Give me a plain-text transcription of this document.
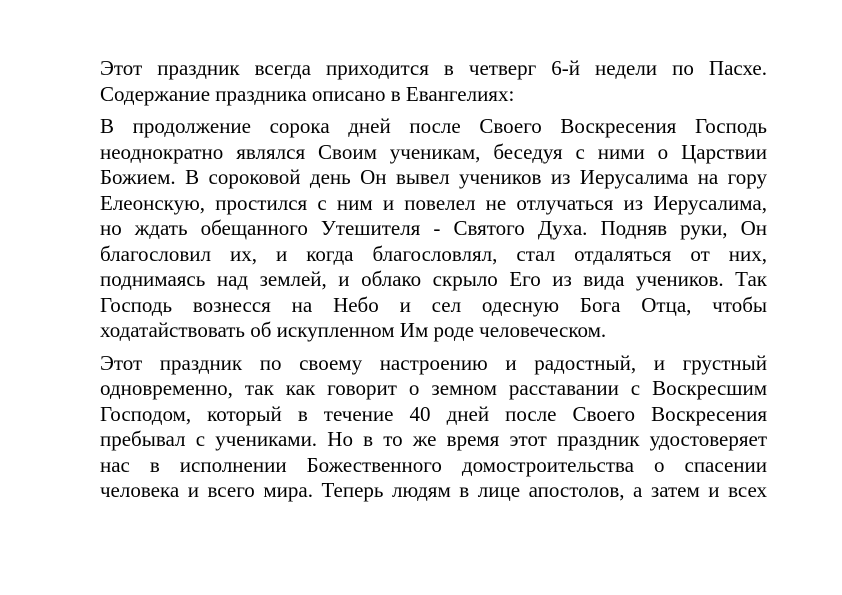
Этот праздник всегда приходится в четверг 6-й недели по Пасхе.
Содержание праздника описано в Евангелиях:
В продолжение сорока дней после Своего Воскресения Господь
неоднократно являлся Своим ученикам, беседуя с ними о Царствии
Божием. В сороковой день Он вывел учеников из Иерусалима на гору
Елеонскую, простился с ним и повелел не отлучаться из Иерусалима,
но ждать обещанного Утешителя - Святого Духа. Подняв руки, Он
благословил их, и когда благословлял, стал отдаляться от них,
поднимаясь над землей, и облако скрыло Его из вида учеников. Так
Господь вознесся на Небо и сел одесную Бога Отца, чтобы
ходатайствовать об искупленном Им роде человеческом.
Этот праздник по своему настроению и радостный, и грустный
одновременно, так как говорит о земном расставании с Воскресшим
Господом, который в течение 40 дней после Своего Воскресения
пребывал с учениками. Но в то же время этот праздник удостоверяет
нас в исполнении Божественного домостроительства о спасении
человека и всего мира. Теперь людям в лице апостолов, а затем и всех
